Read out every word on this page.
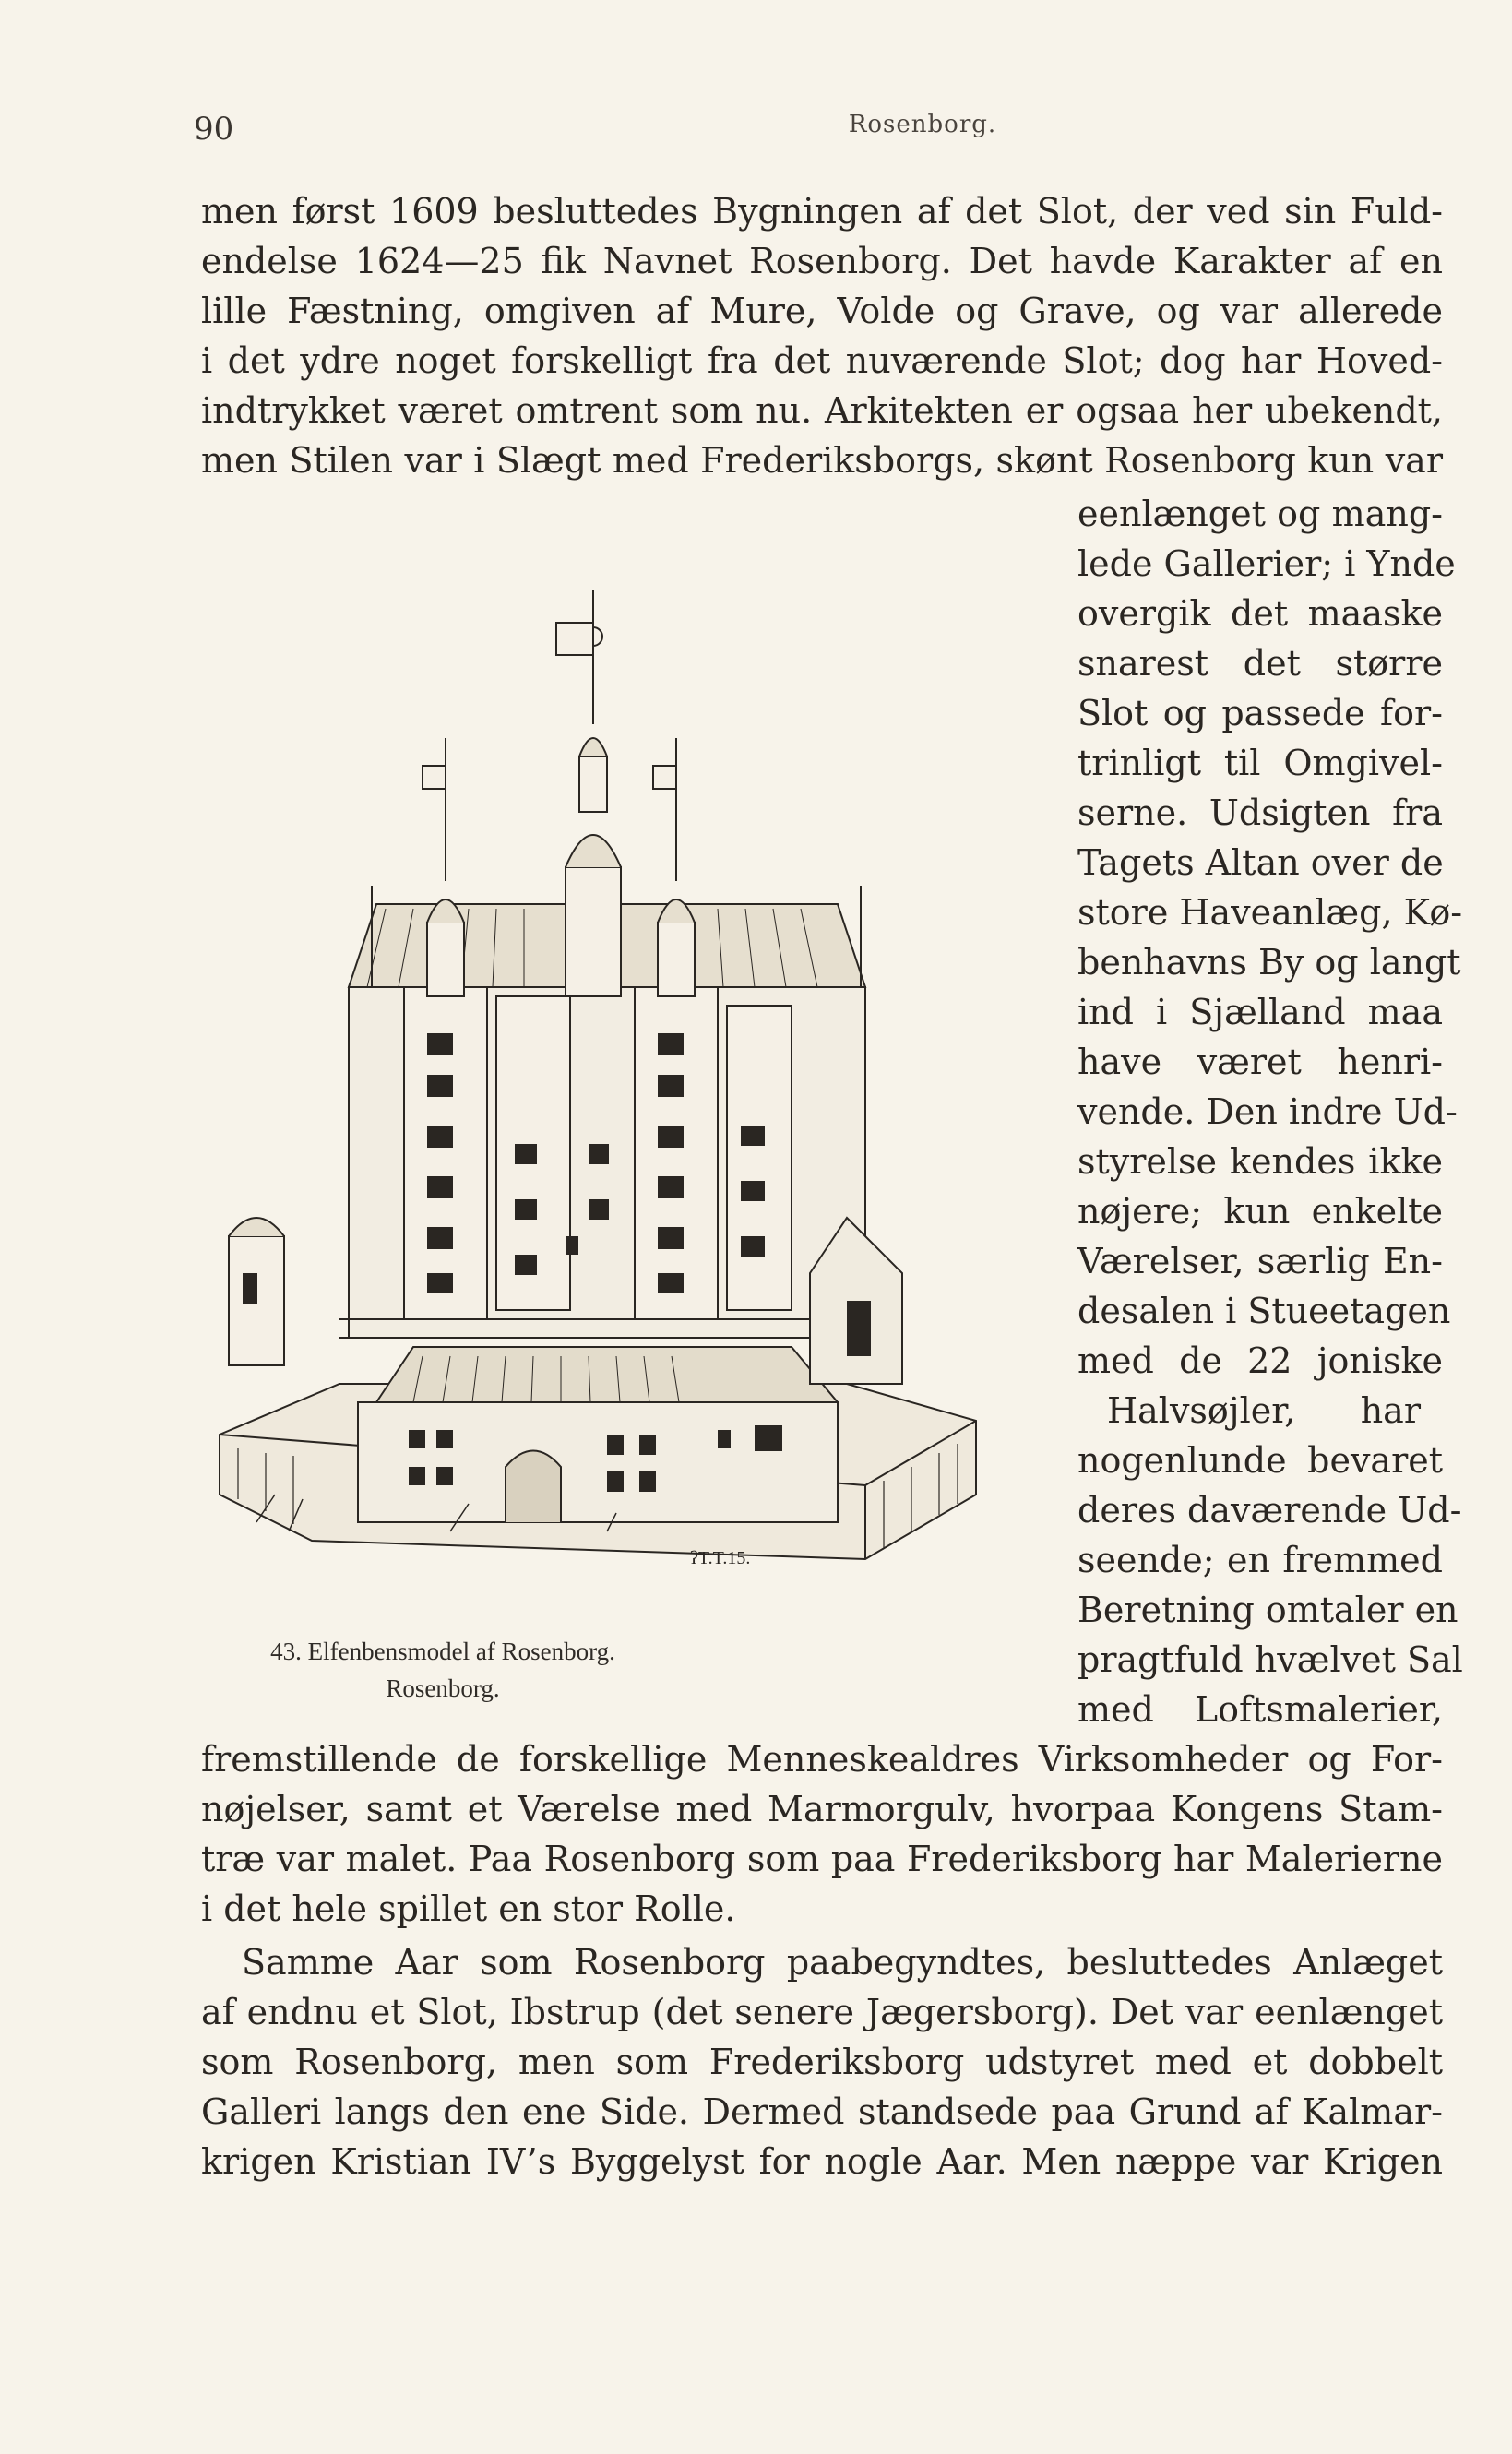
90	Rosenborg.
men først 1609 besluttedes Bygningen af det Slot, der ved sin Fuld-
endelse 1624—25 fik Navnet Rosenborg. Det havde Karakter af en
lille Fæstning, omgiven af Mure, Volde og Grave, og var allerede
i det ydre noget forskelligt fra det nuværende Slot; dog har Hoved-
indtrykket været omtrent som nu. Arkitekten er ogsaa her ubekendt,
men Stilen var i Slægt med Frederiksborgs, skønt Rosenborg kun var
eenlænget og mang-
lede Gallerier; i Ynde
overgik det maaske
snarest det større
Slot og passede for-
trinligt til Omgivel-
serne. Udsigten fra
Tagets Altan over de
store Haveanlæg, Kø-
benhavns By og langt
ind i Sjælland maa
have været henri-
vende. Den indre Ud-
styrelse kendes ikke
nøjere; kun enkelte
Værelser, særlig En-
desalen i Stueetagen
med de 22 joniske
Halvsøjler, har
nogenlunde bevaret
deres daværende Ud-
seende; en fremmed
Beretning omtaler en
pragtfuld hvælvet Sal
med Loftsmalerier,
fremstillende de forskellige Menneskealdres Virksomheder og For-
nøjelser, samt et Værelse med Marmorgulv, hvorpaa Kongens Stam-
træ var malet. Paa Rosenborg som paa Frederiksborg har Malerierne
i det hele spillet en stor Rolle.
Samme Aar som Rosenborg paabegyndtes, besluttedes Anlæget
af endnu et Slot, Ibstrup (det senere Jægersborg). Det var eenlænget
som Rosenborg, men som Frederiksborg udstyret med et dobbelt
Galleri langs den ene Side. Dermed standsede paa Grund af Kalmar-
krigen Kristian IV’s Byggelyst for nogle Aar. Men næppe var Krigen
ʔT.T.15.
43. Elfenbensmodel af Rosenborg.
Rosenborg.
